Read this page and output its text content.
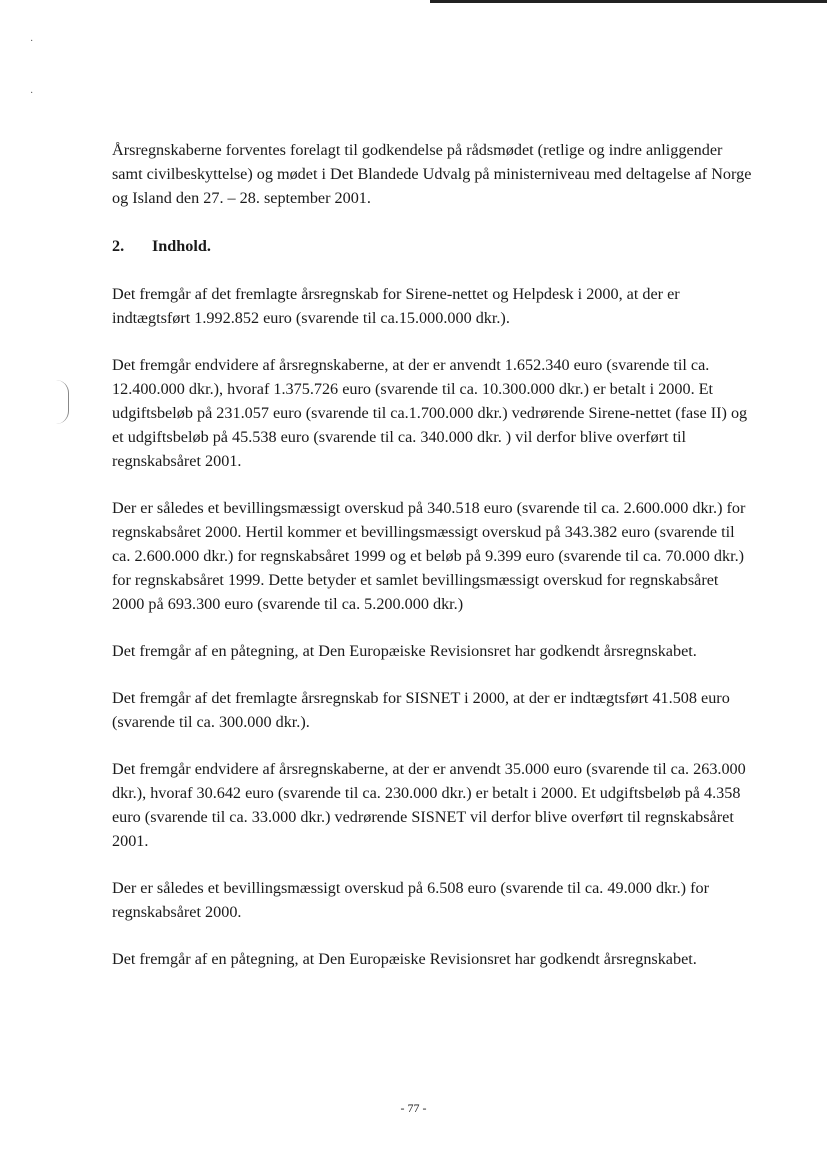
·
·

Årsregnskaberne forventes forelagt til godkendelse på rådsmødet (retlige og indre anliggender samt civilbeskyttelse) og mødet i Det Blandede Udvalg på ministerniveau med deltagelse af Norge og Island den 27. – 28. september 2001.

2. Indhold.

Det fremgår af det fremlagte årsregnskab for Sirene-nettet og Helpdesk i 2000, at der er indtægtsført 1.992.852 euro (svarende til ca.15.000.000 dkr.).

Det fremgår endvidere af årsregnskaberne, at der er anvendt 1.652.340 euro (svarende til ca. 12.400.000 dkr.), hvoraf 1.375.726 euro (svarende til ca. 10.300.000 dkr.) er betalt i 2000. Et udgiftsbeløb på 231.057 euro (svarende til ca.1.700.000 dkr.) vedrørende Sirene-nettet (fase II) og et udgiftsbeløb på 45.538 euro (svarende til ca. 340.000 dkr. ) vil derfor blive overført til regnskabsåret 2001.

Der er således et bevillingsmæssigt overskud på 340.518 euro (svarende til ca. 2.600.000 dkr.) for regnskabsåret 2000. Hertil kommer et bevillingsmæssigt overskud på 343.382 euro (svarende til ca. 2.600.000 dkr.) for regnskabsåret 1999 og et beløb på 9.399 euro (svarende til ca. 70.000 dkr.) for regnskabsåret 1999. Dette betyder et samlet bevillingsmæssigt overskud for regnskabsåret 2000 på 693.300 euro (svarende til ca. 5.200.000 dkr.)

Det fremgår af en påtegning, at Den Europæiske Revisionsret har godkendt årsregnskabet.

Det fremgår af det fremlagte årsregnskab for SISNET i 2000, at der er indtægtsført 41.508 euro (svarende til ca. 300.000 dkr.).

Det fremgår endvidere af årsregnskaberne, at der er anvendt 35.000 euro (svarende til ca. 263.000 dkr.), hvoraf 30.642 euro (svarende til ca. 230.000 dkr.) er betalt i 2000. Et udgiftsbeløb på 4.358 euro (svarende til ca. 33.000 dkr.) vedrørende SISNET vil derfor blive overført til regnskabsåret 2001.

Der er således et bevillingsmæssigt overskud på 6.508 euro (svarende til ca. 49.000 dkr.) for regnskabsåret 2000.

Det fremgår af en påtegning, at Den Europæiske Revisionsret har godkendt årsregnskabet.

- 77 -
